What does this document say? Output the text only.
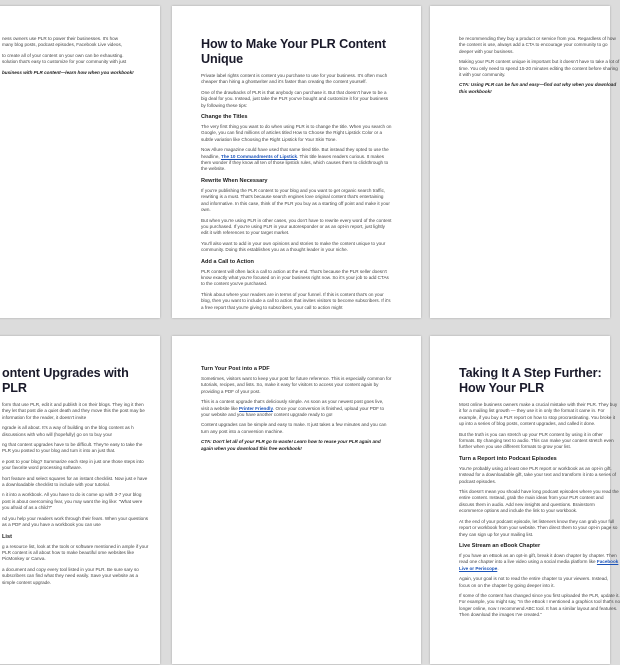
ness owners use PLR to power their businesses. It's how

many blog posts, podcast episodes, Facebook Live videos,

to create all of your content on your own can be exhausting.

solution that's easy to customize for your community with just

business with PLR content—learn how when you workbook!

How to Make Your PLR Content Unique

Private label rights content is content you purchase to use for your business. It's often much cheaper than hiring a ghostwriter and it's faster than creating the content yourself.

One of the drawbacks of PLR is that anybody can purchase it. But that doesn't have to be a big deal for you. Instead, just take the PLR you've bought and customize it for your business by following these tips:

Change the Titles

The very first thing you want to do when using PLR is to change the title. When you search on Google, you can find millions of articles titled How to Choose the Right Lipstick Color or a subtle variation like Choosing the Right Lipstick for Your Skin Tone.

Now Allure magazine could have used that same tired title. But instead they opted to use the headline, The 10 Commandments of Lipstick. This title leaves readers curious. It makes them wonder if they know all ten of those lipstick rules, which causes them to clickthrough to the website.

Rewrite When Necessary

If you're publishing the PLR content to your blog and you want to get organic search traffic, rewriting is a must. That's because search engines love original content that's entertaining and informative. In this case, think of the PLR you buy as a starting off point and make it your own.

But when you're using PLR in other cases, you don't have to rewrite every word of the content you purchased. If you're using PLR in your autoresponder or as an opt-in report, just lightly edit it with references to your target market.

You'll also want to add in your own opinions and stories to make the content unique to your community. Doing this establishes you as a thought leader in your niche.

Add a Call to Action

PLR content will often lack a call to action at the end. That's because the PLR seller doesn't know exactly what you're focused on in your business right now. So it's your job to add CTAs to the content you've purchased.

Think about where your readers are in terms of your funnel. If this is content that's on your blog, then you want to include a call to action that invites visitors to become subscribers. If it's a free report that you're giving to subscribers, your call to action might

be recommending they buy a product or service from you. Regardless of how the content is use, always add a CTA to encourage your community to go deeper with your business.

Making your PLR content unique is important but it doesn't have to take a lot of time. You only need to spend 15-20 minutes editing the content before sharing it with your community.

CTA: Using PLR can be fun and easy—find out why when you download this workbook!

ontent Upgrades with PLR

form that use PLR, edit it and publish it on their blogs. They ing it then they let that post die a quiet death and they move this the post may be information for the reader, it doesn't invite

ngrade is all about. It's a way of building on the blog content as h discussions with who will (hopefully) go on to buy your

ng that content upgrades have to be difficult. They're easy to take the PLR you posted to your blog and turn it into an just that.

e post to your blog? Summarize each step in just one those steps into your favorite word processing software.

hort feature and select squares for an instant checklist. Now just e have a downloadable checklist to include with your tutorial.

n it into a workbook. All you have to do is come up with 3-7 your blog post is about overcoming fear, you may want the ing like: "What were you afraid of as a child?"

nd you help your readers work through their fears. When your questions as a PDF and you have a workbook you can use

List

g a resource list, look at the tools or software mentioned in ample if your PLR content is all about how to make beautiful ome websites like PicMonkey or Canva.

a document and copy every tool listed in your PLR. Be sure sary so subscribers can find what they need easily. Save your website as a simple content upgrade.

Turn Your Post into a PDF

Sometimes, visitors want to keep your post for future reference. This is especially common for tutorials, recipes, and lists. So, make it easy for visitors to access your content again by providing a PDF of your post.

This is a content upgrade that's deliciously simple. As soon as your newest post goes live, visit a website like Printer Friendly. Once your conversion is finished, upload your PDF to your website and you have another content upgrade ready to go!

Content upgrades can be simple and easy to make. It just takes a few minutes and you can turn any post into a conversion machine.

CTA: Don't let all of your PLR go to waste! Learn how to reuse your PLR again and again when you download this free workbook!

Taking It A Step Further: How Your PLR

Most online business owners make a crucial mistake with their PLR. They buy it for a mailing list growth — they use it in only the format it came in. For example, if you buy a PLR report on how to stop procrastinating. You broke it up into a series of blog posts, content upgrades, and called it done.

But the truth is you can stretch up your PLR content by using it in other formats. By changing text to audio. This can make your content stretch even further when you use different formats to grow your list.

Turn a Report into Podcast Episodes

You're probably using at least one PLR report or workbook as an opt-in gift. Instead for a downloadable gift, take your text and transform it into a series of podcast episodes.

This doesn't mean you should have long podcast episodes where you read the entire content. Instead, grab the main ideas from your PLR content and discuss them in audio. Add new insights and questions. Brainstorm ecommerce options and include the link to your workbook.

At the end of your podcast episode, let listeners know they can grab your full report or workbook from your website. Then direct them to your opt-in page so they can sign up for your mailing list.

Live Stream an eBook Chapter

If you have an eBook as an opt-in gift, break it down chapter by chapter. Then read one chapter into a live video using a social media platform like Facebook Live or Periscope.

Again, your goal is not to read the entire chapter to your viewers. Instead, focus on on the chapter by going deeper into it.

If some of the content has changed since you first uploaded the PLR, update it. For example, you might say, "In the eBook I mentioned a graphics tool that's no longer online, now I recommend ABC tool. It has a similar layout and features. Then download the images I've created."
